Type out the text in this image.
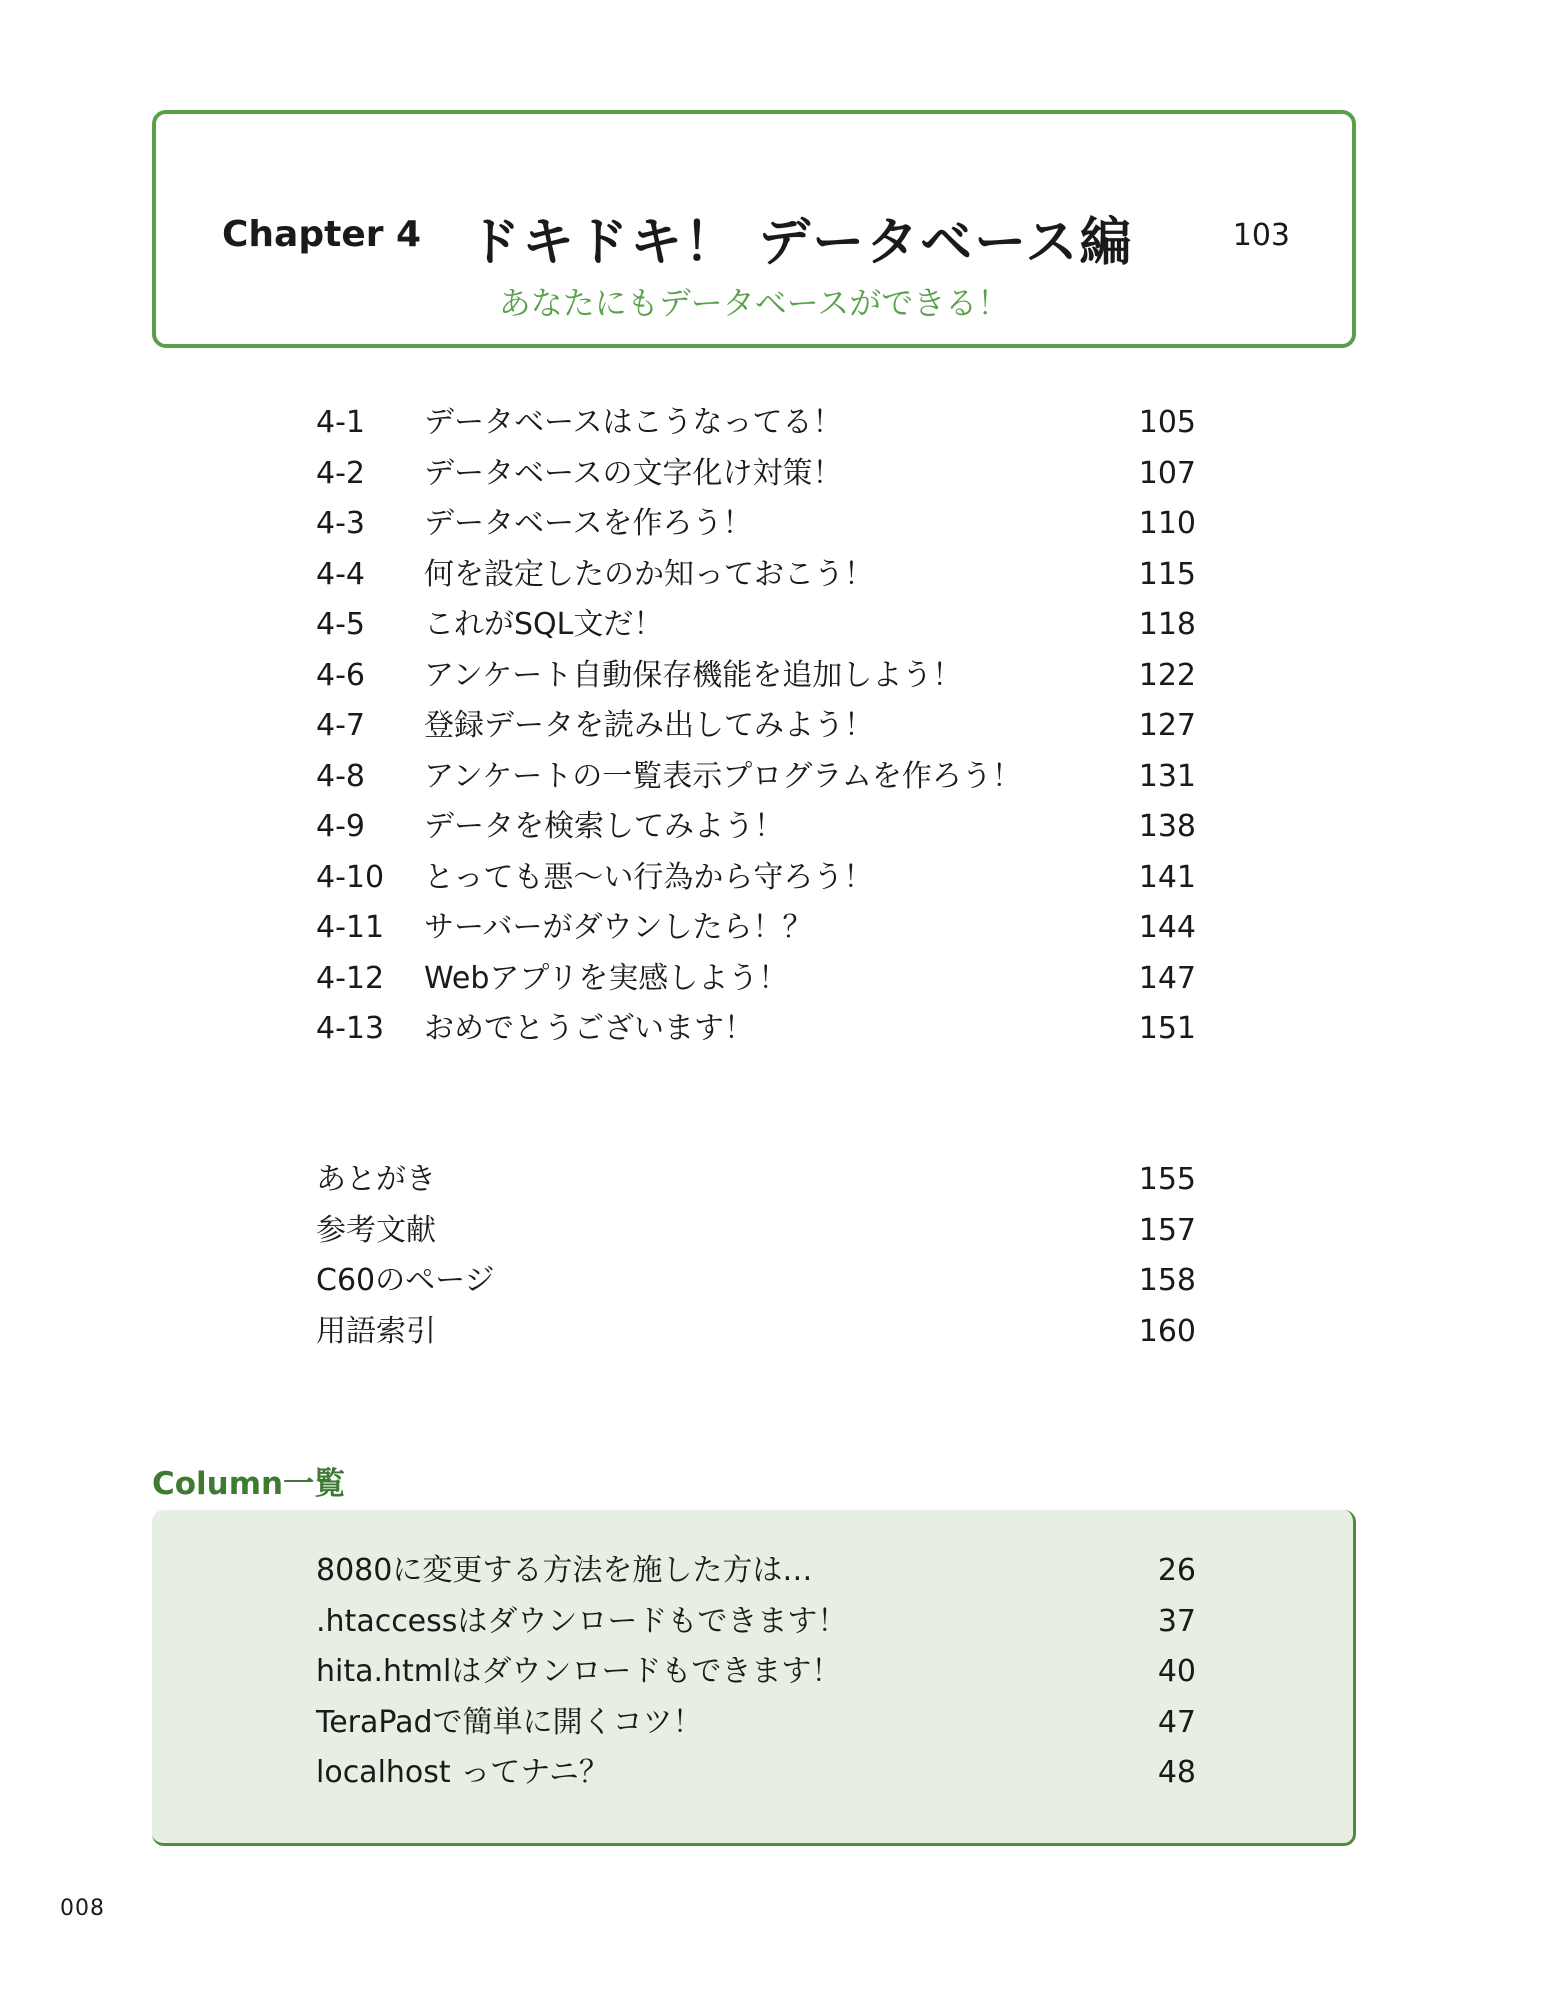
Chapter 4 ドキドキ！ データベース編	103
あなたにもデータベースができる！
4-1 データベースはこうなってる！	105
4-2 データベースの文字化け対策！	107
4-3 データベースを作ろう！	110
4-4 何を設定したのか知っておこう！	115
4-5 これがSQL文だ！	118
4-6 アンケート自動保存機能を追加しよう！	122
4-7 登録データを読み出してみよう！	127
4-8 アンケートの一覧表示プログラムを作ろう！	131
4-9 データを検索してみよう！	138
4-10 とっても悪〜い行為から守ろう！	141
4-11 サーバーがダウンしたら！？	144
4-12 Webアプリを実感しよう！	147
4-13 おめでとうございます！	151
あとがき	155
参考文献	157
C60のページ	158
用語索引	160
Column一覧
8080に変更する方法を施した方は…	26
.htaccessはダウンロードもできます！	37
hita.htmlはダウンロードもできます！	40
TeraPadで簡単に開くコツ！	47
localhost ってナニ？	48
008
